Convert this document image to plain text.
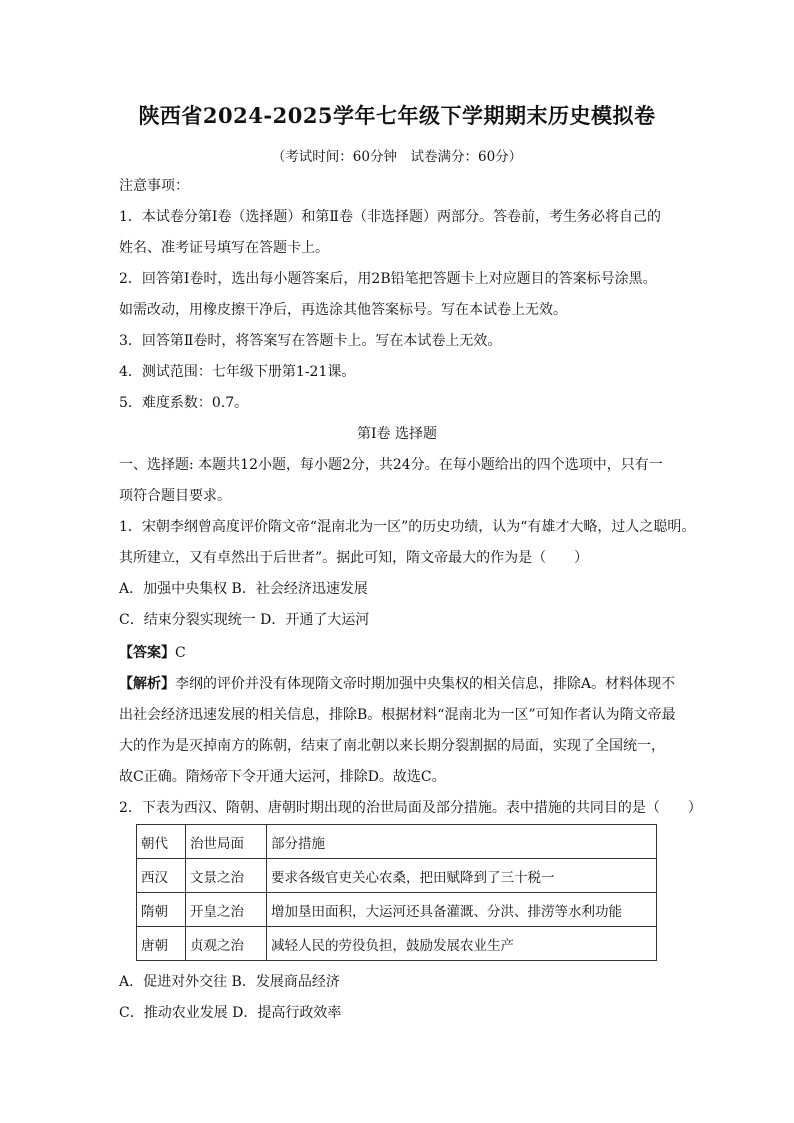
陕西省2024-2025学年七年级下学期期末历史模拟卷
（考试时间：60分钟　试卷满分：60分）
注意事项：
1．本试卷分第Ⅰ卷（选择题）和第Ⅱ卷（非选择题）两部分。答卷前，考生务必将自己的
姓名、准考证号填写在答题卡上。
2．回答第Ⅰ卷时，选出每小题答案后，用2B铅笔把答题卡上对应题目的答案标号涂黑。
如需改动，用橡皮擦干净后，再选涂其他答案标号。写在本试卷上无效。
3．回答第Ⅱ卷时，将答案写在答题卡上。写在本试卷上无效。
4．测试范围：七年级下册第1-21课。
5．难度系数：0.7。
第Ⅰ卷 选择题
一、选择题: 本题共12小题，每小题2分，共24分。在每小题给出的四个选项中，只有一
项符合题目要求。
1．宋朝李纲曾高度评价隋文帝“混南北为一区”的历史功绩，认为“有雄才大略，过人之聪明。
其所建立，又有卓然出于后世者”。据此可知，隋文帝最大的作为是（　　）
A．加强中央集权 B．社会经济迅速发展
C．结束分裂实现统一 D．开通了大运河
【答案】C
【解析】李纲的评价并没有体现隋文帝时期加强中央集权的相关信息，排除A。材料体现不
出社会经济迅速发展的相关信息，排除B。根据材料“混南北为一区”可知作者认为隋文帝最
大的作为是灭掉南方的陈朝，结束了南北朝以来长期分裂割据的局面，实现了全国统一，
故C正确。隋炀帝下令开通大运河，排除D。故选C。
2．下表为西汉、隋朝、唐朝时期出现的治世局面及部分措施。表中措施的共同目的是（　　）
朝代	治世局面	部分措施
西汉	文景之治	要求各级官吏关心农桑，把田赋降到了三十税一
隋朝	开皇之治	增加垦田面积，大运河还具备灌溉、分洪、排涝等水利功能
唐朝	贞观之治	减轻人民的劳役负担，鼓励发展农业生产
A．促进对外交往 B．发展商品经济
C．推动农业发展 D．提高行政效率
